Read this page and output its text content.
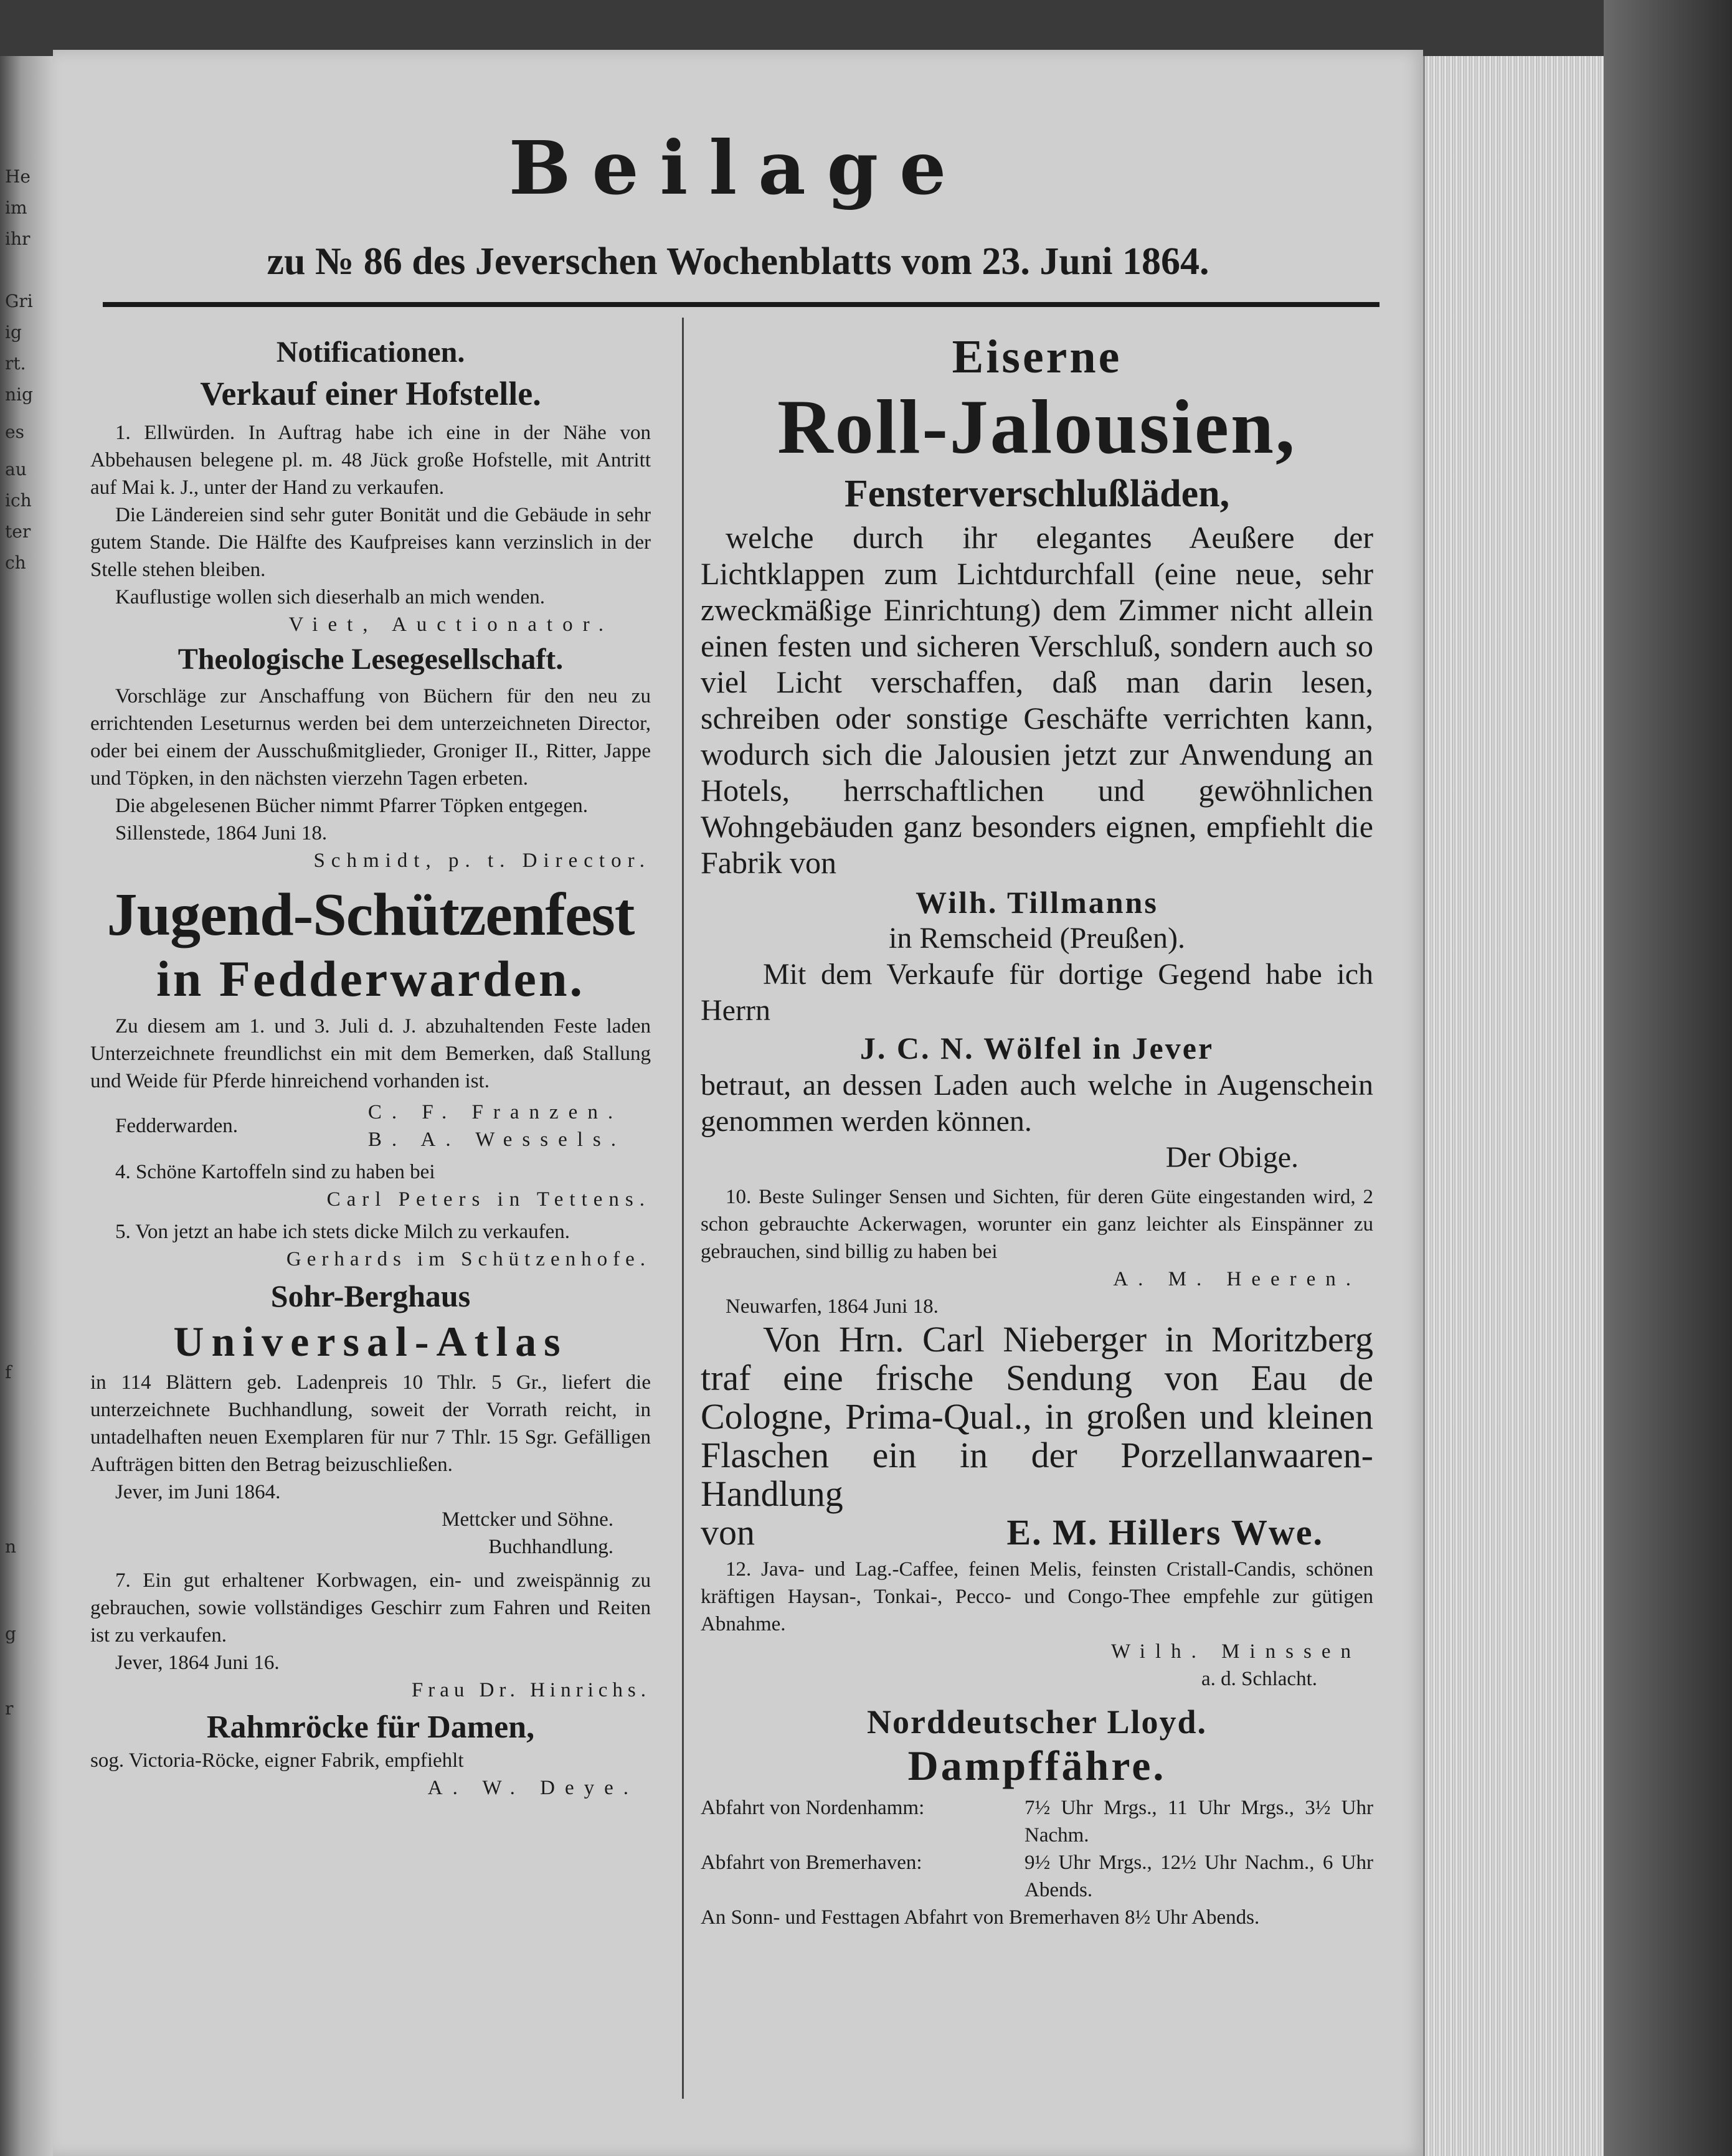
He
im
ihr
Gri
ig
rt.
nig
es
au
ich
ter
ch
f
n
g
r
Beilage
zu № 86 des Jeverschen Wochenblatts vom 23. Juni 1864.
Notificationen.
Verkauf einer Hofstelle.

1. Ellwürden. In Auftrag habe ich eine in der Nähe von Abbehausen belegene pl. m. 48 Jück große Hofstelle, mit Antritt auf Mai k. J., unter der Hand zu verkaufen.

Die Ländereien sind sehr guter Bonität und die Gebäude in sehr gutem Stande. Die Hälfte des Kaufpreises kann verzinslich in der Stelle stehen bleiben.

Kauflustige wollen sich dieserhalb an mich wenden.

Viet, Auctionator.

Theologische Lesegesellschaft.

Vorschläge zur Anschaffung von Büchern für den neu zu errichtenden Leseturnus werden bei dem unterzeichneten Director, oder bei einem der Ausschußmitglieder, Groniger II., Ritter, Jappe und Töpken, in den nächsten vierzehn Tagen erbeten.

Die abgelesenen Bücher nimmt Pfarrer Töpken entgegen.

Sillenstede, 1864 Juni 18.

Schmidt, p. t. Director.

Jugend-Schützenfest
in Fedderwarden.

Zu diesem am 1. und 3. Juli d. J. abzuhaltenden Feste laden Unterzeichnete freundlichst ein mit dem Bemerken, daß Stallung und Weide für Pferde hinreichend vorhanden ist.

Fedderwarden.

C. F. Franzen.

B. A. Wessels.

4. Schöne Kartoffeln sind zu haben bei

Carl Peters in Tettens.

5. Von jetzt an habe ich stets dicke Milch zu verkaufen.

Gerhards im Schützenhofe.

Sohr-Berghaus
Universal-Atlas

in 114 Blättern geb. Ladenpreis 10 Thlr. 5 Gr., liefert die unterzeichnete Buchhandlung, soweit der Vorrath reicht, in untadelhaften neuen Exemplaren für nur 7 Thlr. 15 Sgr. Gefälligen Aufträgen bitten den Betrag beizuschließen.

Jever, im Juni 1864.

Mettcker und Söhne.

Buchhandlung.

7. Ein gut erhaltener Korbwagen, ein- und zweispännig zu gebrauchen, sowie vollständiges Geschirr zum Fahren und Reiten ist zu verkaufen.

Jever, 1864 Juni 16.

Frau Dr. Hinrichs.

Rahmröcke für Damen,

sog. Victoria-Röcke, eigner Fabrik, empfiehlt

A. W. Deye.

Eiserne
Roll-Jalousien,
Fensterverschlußläden,

welche durch ihr elegantes Aeußere der Lichtklappen zum Lichtdurchfall (eine neue, sehr zweckmäßige Einrichtung) dem Zimmer nicht allein einen festen und sicheren Verschluß, sondern auch so viel Licht verschaffen, daß man darin lesen, schreiben oder sonstige Geschäfte verrichten kann, wodurch sich die Jalousien jetzt zur Anwendung an Hotels, herrschaftlichen und gewöhnlichen Wohngebäuden ganz besonders eignen, empfiehlt die Fabrik von

Wilh. Tillmanns

in Remscheid (Preußen).

Mit dem Verkaufe für dortige Gegend habe ich Herrn

J. C. N. Wölfel in Jever

betraut, an dessen Laden auch welche in Augenschein genommen werden können.

Der Obige.

10. Beste Sulinger Sensen und Sichten, für deren Güte eingestanden wird, 2 schon gebrauchte Ackerwagen, worunter ein ganz leichter als Einspänner zu gebrauchen, sind billig zu haben bei

A. M. Heeren.

Neuwarfen, 1864 Juni 18.

Von Hrn. Carl Nieberger in Moritzberg traf eine frische Sendung von Eau de Cologne, Prima-Qual., in großen und kleinen Flaschen ein in der Porzellanwaaren-Handlung

von	E. M. Hillers Wwe.

12. Java- und Lag.-Caffee, feinen Melis, feinsten Cristall-Candis, schönen kräftigen Haysan-, Tonkai-, Pecco- und Congo-Thee empfehle zur gütigen Abnahme.

Wilh. Minssen

a. d. Schlacht.

Norddeutscher Lloyd.
Dampffähre.
Abfahrt von Nordenhamm:	7½ Uhr Mrgs., 11 Uhr Mrgs., 3½ Uhr Nachm.
Abfahrt von Bremerhaven:	9½ Uhr Mrgs., 12½ Uhr Nachm., 6 Uhr Abends.

An Sonn- und Festtagen Abfahrt von Bremerhaven 8½ Uhr Abends.
